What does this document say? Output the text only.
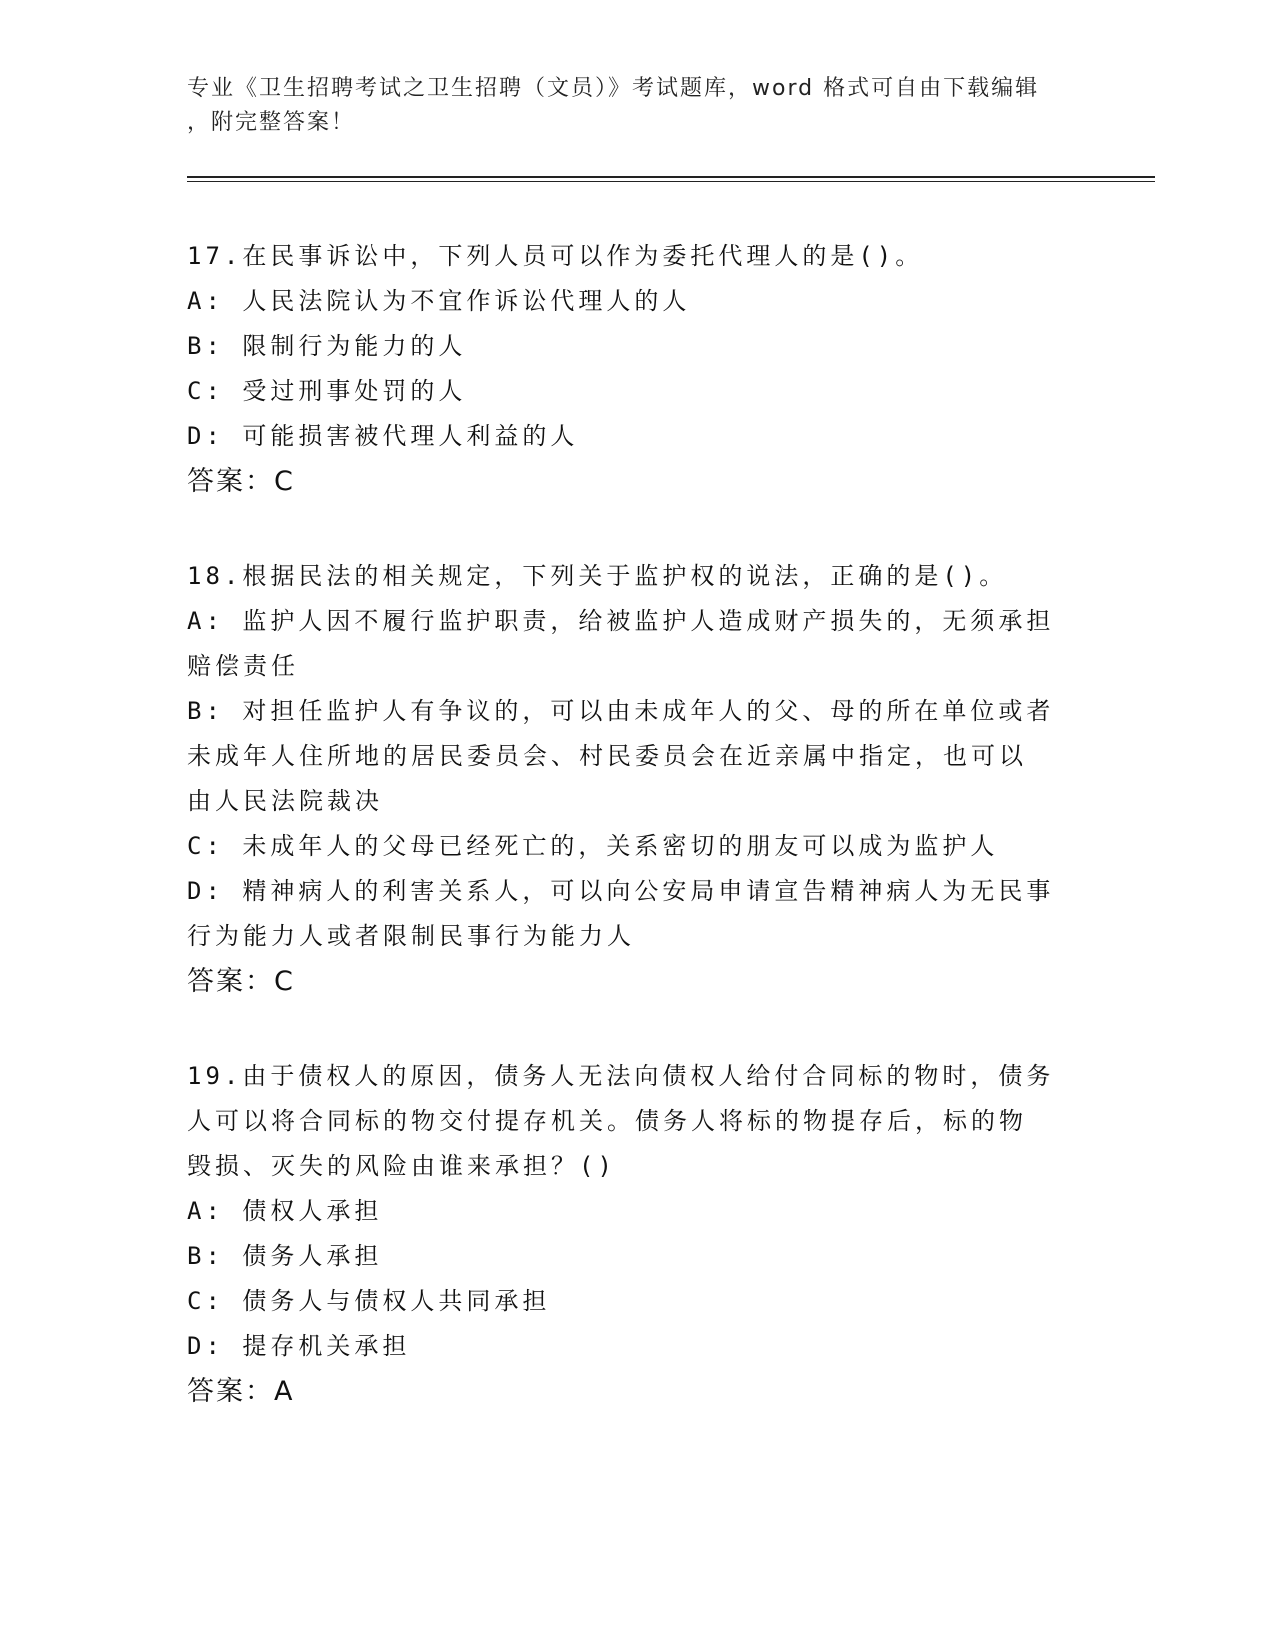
专业《卫生招聘考试之卫生招聘（文员）》考试题库，word 格式可自由下载编辑
，附完整答案！

17.在民事诉讼中，下列人员可以作为委托代理人的是()。

A: 人民法院认为不宜作诉讼代理人的人

B: 限制行为能力的人

C: 受过刑事处罚的人

D: 可能损害被代理人利益的人

答案：C

18.根据民法的相关规定，下列关于监护权的说法，正确的是()。

A: 监护人因不履行监护职责，给被监护人造成财产损失的，无须承担

赔偿责任

B: 对担任监护人有争议的，可以由未成年人的父、母的所在单位或者

未成年人住所地的居民委员会、村民委员会在近亲属中指定，也可以

由人民法院裁决

C: 未成年人的父母已经死亡的，关系密切的朋友可以成为监护人

D: 精神病人的利害关系人，可以向公安局申请宣告精神病人为无民事

行为能力人或者限制民事行为能力人

答案：C

19.由于债权人的原因，债务人无法向债权人给付合同标的物时，债务

人可以将合同标的物交付提存机关。债务人将标的物提存后，标的物

毁损、灭失的风险由谁来承担？()

A: 债权人承担

B: 债务人承担

C: 债务人与债权人共同承担

D: 提存机关承担

答案：A
